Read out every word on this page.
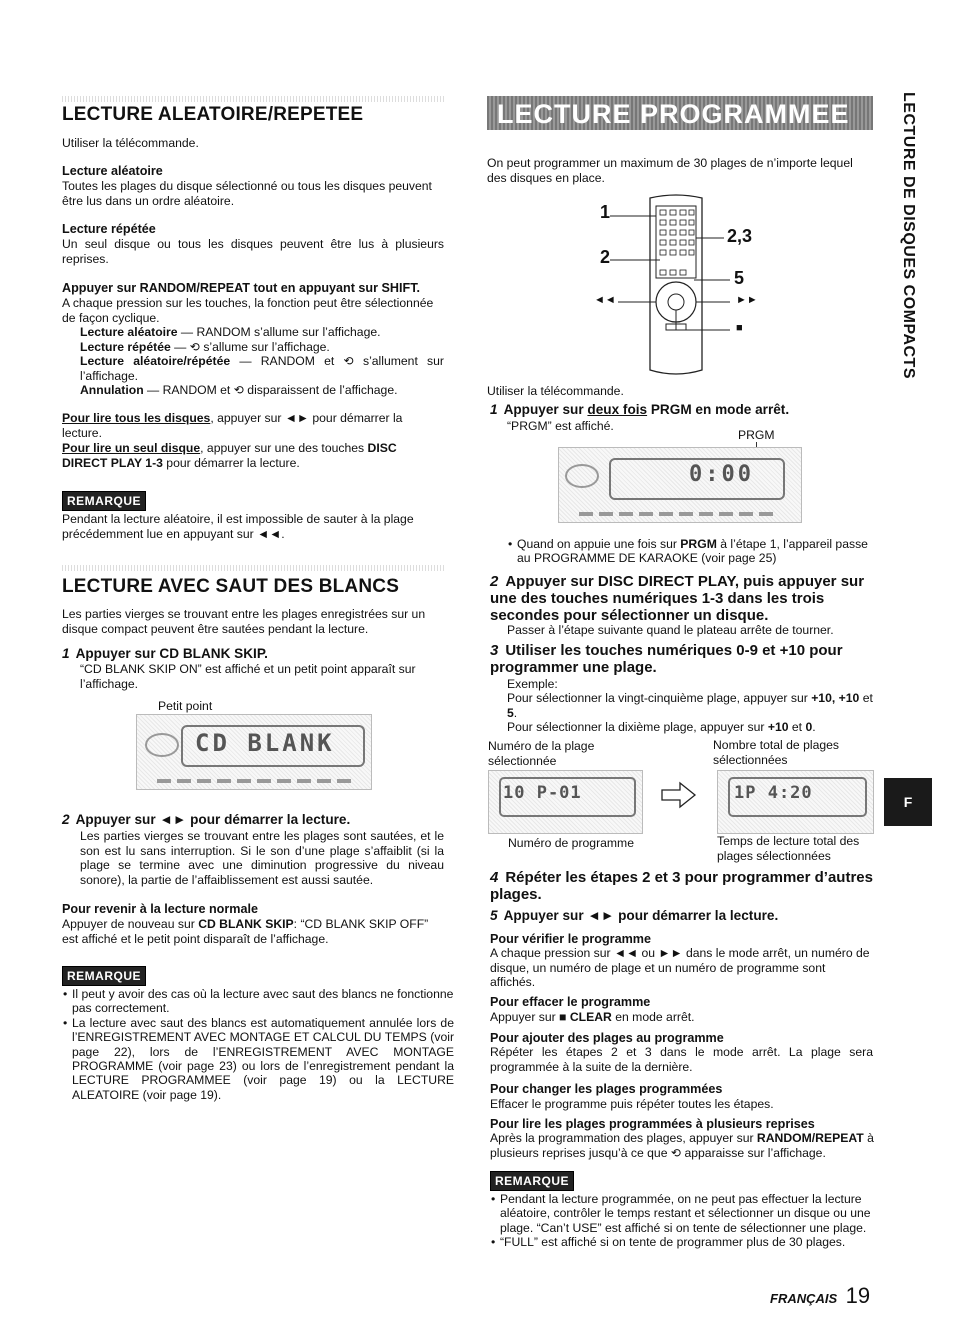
LECTURE ALEATOIRE/REPETEE

Utiliser la télécommande.

Lecture aléatoire

Toutes les plages du disque sélectionné ou tous les disques peuvent être lus dans un ordre aléatoire.

Lecture répétée

Un seul disque ou tous les disques peuvent être lus à plusieurs reprises.

Appuyer sur RANDOM/REPEAT tout en appuyant sur SHIFT.

A chaque pression sur les touches, la fonction peut être sélectionnée de façon cyclique.

Lecture aléatoire — RANDOM s’allume sur l’affichage.

Lecture répétée — ⟲ s’allume sur l’affichage.

Lecture aléatoire/répétée — RANDOM et ⟲ s’allument sur l’affichage.

Annulation — RANDOM et ⟲ disparaissent de l’affichage.

Pour lire tous les disques, appuyer sur ◄► pour démarrer la lecture.

Pour lire un seul disque, appuyer sur une des touches DISC DIRECT PLAY 1-3 pour démarrer la lecture.

REMARQUE

Pendant la lecture aléatoire, il est impossible de sauter à la plage précédemment lue en appuyant sur ◄◄.

LECTURE AVEC SAUT DES BLANCS

Les parties vierges se trouvant entre les plages enregistrées sur un disque compact peuvent être sautées pendant la lecture.

1 Appuyer sur CD BLANK SKIP.

“CD BLANK SKIP ON” est affiché et un petit point apparaît sur l’affichage.

Petit point

CD BLANK

2 Appuyer sur ◄► pour démarrer la lecture.

Les parties vierges se trouvant entre les plages sont sautées, et le son est lu sans interruption. Si le son d’une plage s’affaiblit (si la plage se termine avec une diminution progressive du niveau sonore), la partie de l’affaiblissement est aussi sautée.

Pour revenir à la lecture normale

Appuyer de nouveau sur CD BLANK SKIP: “CD BLANK SKIP OFF” est affiché et le petit point disparaît de l’affichage.

REMARQUE
• Il peut y avoir des cas où la lecture avec saut des blancs ne fonctionne pas correctement.
• La lecture avec saut des blancs est automatiquement annulée lors de l’ENREGISTREMENT AVEC MONTAGE ET CALCUL DU TEMPS (voir page 22), lors de l’ENREGISTREMENT AVEC MONTAGE PROGRAMME (voir page 23) ou lors de l’enregistrement pendant la LECTURE PROGRAMMEE (voir page 19) ou la LECTURE ALEATOIRE (voir page 19).
LECTURE PROGRAMMEE

On peut programmer un maximum de 30 plages de n’importe lequel des disques en place.

1
2
2,3
5
◄◄	►►
■

Utiliser la télécommande.

1 Appuyer sur deux fois PRGM en mode arrêt.

“PRGM” est affiché.

PRGM

0:00
• Quand on appuie une fois sur PRGM à l’étape 1, l’appareil passe au PROGRAMME DE KARAOKE (voir page 25)

2 Appuyer sur DISC DIRECT PLAY, puis appuyer sur une des touches numériques 1-3 dans les trois secondes pour sélectionner un disque.

Passer à l’étape suivante quand le plateau arrête de tourner.

3 Utiliser les touches numériques 0-9 et +10 pour programmer une plage.

Exemple:

Pour sélectionner la vingt-cinquième plage, appuyer sur +10, +10 et 5.

Pour sélectionner la dixième plage, appuyer sur +10 et 0.

Numéro de la plage sélectionnée

Nombre total de plages sélectionnées

10 P-01	1P 4:20

Numéro de programme	Temps de lecture total des plages sélectionnées

4 Répéter les étapes 2 et 3 pour programmer d’autres plages.

5 Appuyer sur ◄► pour démarrer la lecture.

Pour vérifier le programme

A chaque pression sur ◄◄ ou ►► dans le mode arrêt, un numéro de disque, un numéro de plage et un numéro de programme sont affichés.

Pour effacer le programme

Appuyer sur ■ CLEAR en mode arrêt.

Pour ajouter des plages au programme

Répéter les étapes 2 et 3 dans le mode arrêt. La plage sera programmée à la suite de la dernière.

Pour changer les plages programmées

Effacer le programme puis répéter toutes les étapes.

Pour lire les plages programmées à plusieurs reprises

Après la programmation des plages, appuyer sur RANDOM/REPEAT à plusieurs reprises jusqu’à ce que ⟲ apparaisse sur l’affichage.

REMARQUE
• Pendant la lecture programmée, on ne peut pas effectuer la lecture aléatoire, contrôler le temps restant et sélectionner un disque ou une plage. “Can’t USE” est affiché si on tente de sélectionner une plage.
• “FULL” est affiché si on tente de programmer plus de 30 plages.
LECTURE DE DISQUES COMPACTS
F
FRANÇAIS 19
